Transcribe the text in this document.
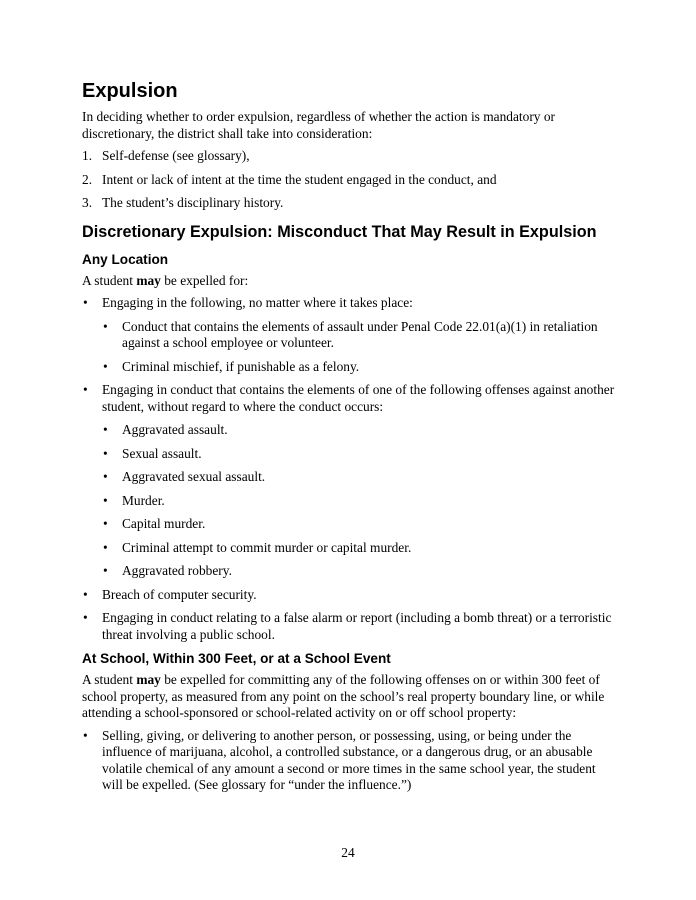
Expulsion

In deciding whether to order expulsion, regardless of whether the action is mandatory or discretionary, the district shall take into consideration:

1. Self-defense (see glossary),
2. Intent or lack of intent at the time the student engaged in the conduct, and
3. The student’s disciplinary history.
Discretionary Expulsion: Misconduct That May Result in Expulsion
Any Location

A student may be expelled for:

• Engaging in the following, no matter where it takes place:
• Conduct that contains the elements of assault under Penal Code 22.01(a)(1) in retaliation against a school employee or volunteer.
• Criminal mischief, if punishable as a felony.
• Engaging in conduct that contains the elements of one of the following offenses against another student, without regard to where the conduct occurs:
• Aggravated assault.
• Sexual assault.
• Aggravated sexual assault.
• Murder.
• Capital murder.
• Criminal attempt to commit murder or capital murder.
• Aggravated robbery.
• Breach of computer security.
• Engaging in conduct relating to a false alarm or report (including a bomb threat) or a terroristic threat involving a public school.
At School, Within 300 Feet, or at a School Event

A student may be expelled for committing any of the following offenses on or within 300 feet of school property, as measured from any point on the school’s real property boundary line, or while attending a school-sponsored or school-related activity on or off school property:

• Selling, giving, or delivering to another person, or possessing, using, or being under the influence of marijuana, alcohol, a controlled substance, or a dangerous drug, or an abusable volatile chemical of any amount a second or more times in the same school year, the student will be expelled. (See glossary for “under the influence.”)
24
